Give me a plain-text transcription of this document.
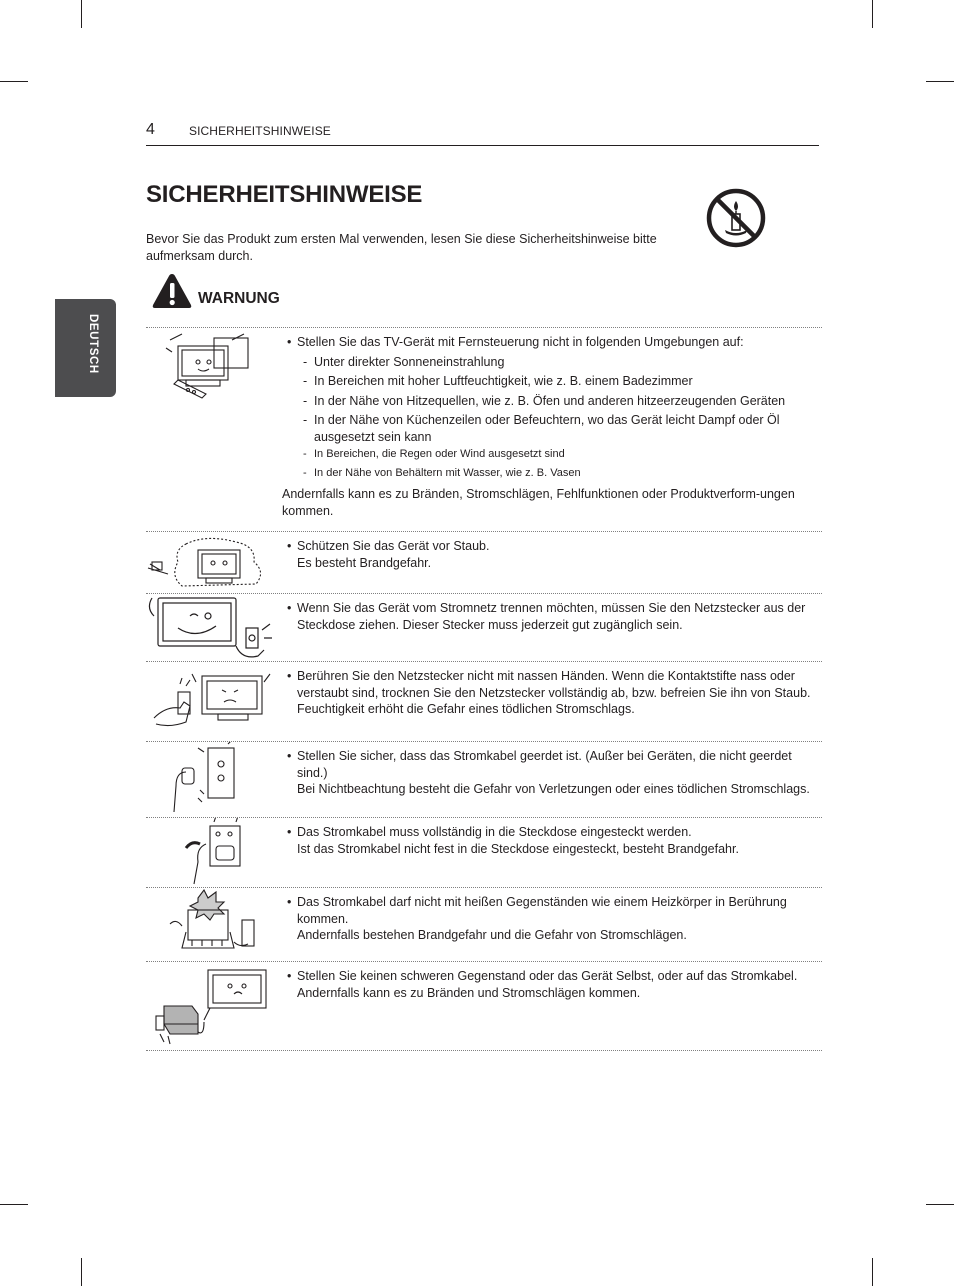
4	SICHERHEITSHINWEISE
SICHERHEITSHINWEISE
Bevor Sie das Produkt zum ersten Mal verwenden, lesen Sie diese Sicherheitshinweise bitte aufmerksam durch.
DEUTSCH
WARNUNG
• Stellen Sie das TV-Gerät mit Fernsteuerung nicht in folgenden Umgebungen auf:
- Unter direkter Sonneneinstrahlung
- In Bereichen mit hoher Luftfeuchtigkeit, wie z. B. einem Badezimmer
- In der Nähe von Hitzequellen, wie z. B. Öfen und anderen hitzeerzeugenden Geräten
- In der Nähe von Küchenzeilen oder Befeuchtern, wo das Gerät leicht Dampf oder Öl ausgesetzt sein kann
- In Bereichen, die Regen oder Wind ausgesetzt sind
- In der Nähe von Behältern mit Wasser, wie z. B. Vasen
Andernfalls kann es zu Bränden, Stromschlägen, Fehlfunktionen oder Produktverform-ungen kommen.
• Schützen Sie das Gerät vor Staub.
Es besteht Brandgefahr.
• Wenn Sie das Gerät vom Stromnetz trennen möchten, müssen Sie den Netzstecker aus der Steckdose ziehen. Dieser Stecker muss jederzeit gut zugänglich sein.
• Berühren Sie den Netzstecker nicht mit nassen Händen. Wenn die Kontaktstifte nass oder verstaubt sind, trocknen Sie den Netzstecker vollständig ab, bzw. befreien Sie ihn von Staub.
Feuchtigkeit erhöht die Gefahr eines tödlichen Stromschlags.
• Stellen Sie sicher, dass das Stromkabel geerdet ist. (Außer bei Geräten, die nicht geerdet sind.)
Bei Nichtbeachtung besteht die Gefahr von Verletzungen oder eines tödlichen Stromschlags.
• Das Stromkabel muss vollständig in die Steckdose eingesteckt werden.
Ist das Stromkabel nicht fest in die Steckdose eingesteckt, besteht Brandgefahr.
• Das Stromkabel darf nicht mit heißen Gegenständen wie einem Heizkörper in Berührung kommen.
Andernfalls bestehen Brandgefahr und die Gefahr von Stromschlägen.
• Stellen Sie keinen schweren Gegenstand oder das Gerät Selbst, oder auf das Stromkabel.
Andernfalls kann es zu Bränden und Stromschlägen kommen.
